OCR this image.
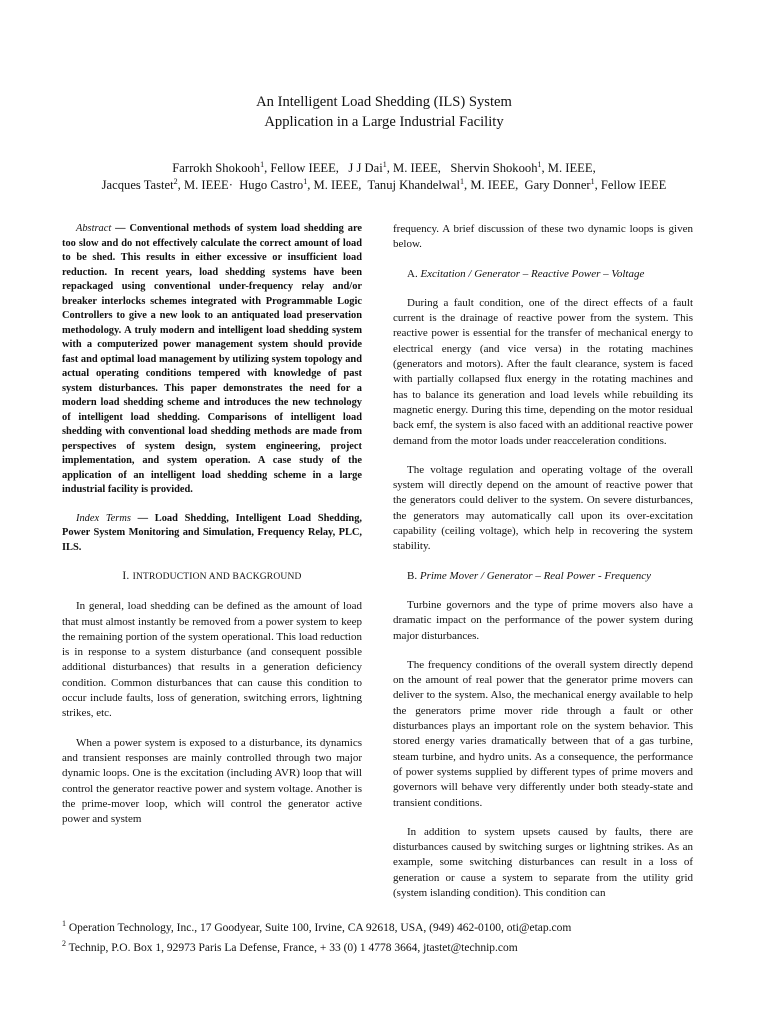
An Intelligent Load Shedding (ILS) System
Application in a Large Industrial Facility
Farrokh Shokooh$^1$, Fellow IEEE,   J J Dai$^1$, M. IEEE,   Shervin Shokooh$^1$, M. IEEE,
Jacques Tastet$^2$, M. IEEE·  Hugo Castro$^1$, M. IEEE,  Tanuj Khandelwal$^1$, M. IEEE,  Gary Donner$^1$, Fellow IEEE

Abstract — Conventional methods of system load shedding are too slow and do not effectively calculate the correct amount of load to be shed. This results in either excessive or insufficient load reduction. In recent years, load shedding systems have been repackaged using conventional under-frequency relay and/or breaker interlocks schemes integrated with Programmable Logic Controllers to give a new look to an antiquated load preservation methodology. A truly modern and intelligent load shedding system with a computerized power management system should provide fast and optimal load management by utilizing system topology and actual operating conditions tempered with knowledge of past system disturbances. This paper demonstrates the need for a modern load shedding scheme and introduces the new technology of intelligent load shedding. Comparisons of intelligent load shedding with conventional load shedding methods are made from perspectives of system design, system engineering, project implementation, and system operation. A case study of the application of an intelligent load shedding scheme in a large industrial facility is provided.

Index Terms — Load Shedding, Intelligent Load Shedding, Power System Monitoring and Simulation, Frequency Relay, PLC, ILS.

I. INTRODUCTION AND BACKGROUND

In general, load shedding can be defined as the amount of load that must almost instantly be removed from a power system to keep the remaining portion of the system operational. This load reduction is in response to a system disturbance (and consequent possible additional disturbances) that results in a generation deficiency condition. Common disturbances that can cause this condition to occur include faults, loss of generation, switching errors, lightning strikes, etc.

When a power system is exposed to a disturbance, its dynamics and transient responses are mainly controlled through two major dynamic loops. One is the excitation (including AVR) loop that will control the generator reactive power and system voltage. Another is the prime-mover loop, which will control the generator active power and system

frequency. A brief discussion of these two dynamic loops is given below.

A. Excitation / Generator – Reactive Power – Voltage

During a fault condition, one of the direct effects of a fault current is the drainage of reactive power from the system. This reactive power is essential for the transfer of mechanical energy to electrical energy (and vice versa) in the rotating machines (generators and motors). After the fault clearance, system is faced with partially collapsed flux energy in the rotating machines and has to balance its generation and load levels while rebuilding its magnetic energy. During this time, depending on the motor residual back emf, the system is also faced with an additional reactive power demand from the motor loads under reacceleration conditions.

The voltage regulation and operating voltage of the overall system will directly depend on the amount of reactive power that the generators could deliver to the system. On severe disturbances, the generators may automatically call upon its over-excitation capability (ceiling voltage), which help in recovering the system stability.

B. Prime Mover / Generator – Real Power - Frequency

Turbine governors and the type of prime movers also have a dramatic impact on the performance of the power system during major disturbances.

The frequency conditions of the overall system directly depend on the amount of real power that the generator prime movers can deliver to the system. Also, the mechanical energy available to help the generators prime mover ride through a fault or other disturbances plays an important role on the system behavior. This stored energy varies dramatically between that of a gas turbine, steam turbine, and hydro units. As a consequence, the performance of power systems supplied by different types of prime movers and governors will behave very differently under both steady-state and transient conditions.

In addition to system upsets caused by faults, there are disturbances caused by switching surges or lightning strikes. As an example, some switching disturbances can result in a loss of generation or cause a system to separate from the utility grid (system islanding condition). This condition can

$^1$ Operation Technology, Inc., 17 Goodyear, Suite 100, Irvine, CA 92618, USA, (949) 462-0100, oti@etap.com
$^2$ Technip, P.O. Box 1, 92973 Paris La Defense, France, + 33 (0) 1 4778 3664, jtastet@technip.com
